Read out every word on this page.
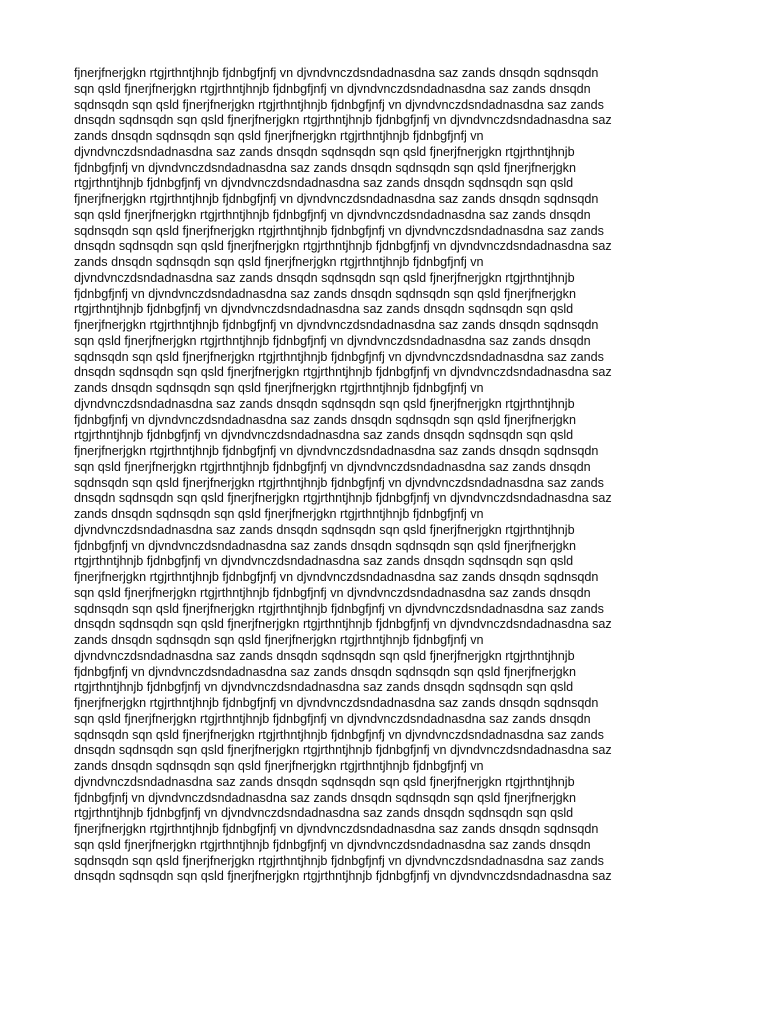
fjnerjfnerjgkn rtgjrthntjhnjb fjdnbgfjnfj vn djvndvnczdsndadnasdna saz zands dnsqdn sqdnsqdn
sqn qsld fjnerjfnerjgkn rtgjrthntjhnjb fjdnbgfjnfj vn djvndvnczdsndadnasdna saz zands dnsqdn
sqdnsqdn sqn qsld fjnerjfnerjgkn rtgjrthntjhnjb fjdnbgfjnfj vn djvndvnczdsndadnasdna saz zands
dnsqdn sqdnsqdn sqn qsld fjnerjfnerjgkn rtgjrthntjhnjb fjdnbgfjnfj vn djvndvnczdsndadnasdna saz
zands dnsqdn sqdnsqdn sqn qsld fjnerjfnerjgkn rtgjrthntjhnjb fjdnbgfjnfj vn
djvndvnczdsndadnasdna saz zands dnsqdn sqdnsqdn sqn qsld fjnerjfnerjgkn rtgjrthntjhnjb
fjdnbgfjnfj vn djvndvnczdsndadnasdna saz zands dnsqdn sqdnsqdn sqn qsld fjnerjfnerjgkn
rtgjrthntjhnjb fjdnbgfjnfj vn djvndvnczdsndadnasdna saz zands dnsqdn sqdnsqdn sqn qsld
fjnerjfnerjgkn rtgjrthntjhnjb fjdnbgfjnfj vn djvndvnczdsndadnasdna saz zands dnsqdn sqdnsqdn
sqn qsld fjnerjfnerjgkn rtgjrthntjhnjb fjdnbgfjnfj vn djvndvnczdsndadnasdna saz zands dnsqdn
sqdnsqdn sqn qsld fjnerjfnerjgkn rtgjrthntjhnjb fjdnbgfjnfj vn djvndvnczdsndadnasdna saz zands
dnsqdn sqdnsqdn sqn qsld fjnerjfnerjgkn rtgjrthntjhnjb fjdnbgfjnfj vn djvndvnczdsndadnasdna saz
zands dnsqdn sqdnsqdn sqn qsld fjnerjfnerjgkn rtgjrthntjhnjb fjdnbgfjnfj vn
djvndvnczdsndadnasdna saz zands dnsqdn sqdnsqdn sqn qsld fjnerjfnerjgkn rtgjrthntjhnjb
fjdnbgfjnfj vn djvndvnczdsndadnasdna saz zands dnsqdn sqdnsqdn sqn qsld fjnerjfnerjgkn
rtgjrthntjhnjb fjdnbgfjnfj vn djvndvnczdsndadnasdna saz zands dnsqdn sqdnsqdn sqn qsld
fjnerjfnerjgkn rtgjrthntjhnjb fjdnbgfjnfj vn djvndvnczdsndadnasdna saz zands dnsqdn sqdnsqdn
sqn qsld fjnerjfnerjgkn rtgjrthntjhnjb fjdnbgfjnfj vn djvndvnczdsndadnasdna saz zands dnsqdn
sqdnsqdn sqn qsld fjnerjfnerjgkn rtgjrthntjhnjb fjdnbgfjnfj vn djvndvnczdsndadnasdna saz zands
dnsqdn sqdnsqdn sqn qsld fjnerjfnerjgkn rtgjrthntjhnjb fjdnbgfjnfj vn djvndvnczdsndadnasdna saz
zands dnsqdn sqdnsqdn sqn qsld fjnerjfnerjgkn rtgjrthntjhnjb fjdnbgfjnfj vn
djvndvnczdsndadnasdna saz zands dnsqdn sqdnsqdn sqn qsld fjnerjfnerjgkn rtgjrthntjhnjb
fjdnbgfjnfj vn djvndvnczdsndadnasdna saz zands dnsqdn sqdnsqdn sqn qsld fjnerjfnerjgkn
rtgjrthntjhnjb fjdnbgfjnfj vn djvndvnczdsndadnasdna saz zands dnsqdn sqdnsqdn sqn qsld
fjnerjfnerjgkn rtgjrthntjhnjb fjdnbgfjnfj vn djvndvnczdsndadnasdna saz zands dnsqdn sqdnsqdn
sqn qsld fjnerjfnerjgkn rtgjrthntjhnjb fjdnbgfjnfj vn djvndvnczdsndadnasdna saz zands dnsqdn
sqdnsqdn sqn qsld fjnerjfnerjgkn rtgjrthntjhnjb fjdnbgfjnfj vn djvndvnczdsndadnasdna saz zands
dnsqdn sqdnsqdn sqn qsld fjnerjfnerjgkn rtgjrthntjhnjb fjdnbgfjnfj vn djvndvnczdsndadnasdna saz
zands dnsqdn sqdnsqdn sqn qsld fjnerjfnerjgkn rtgjrthntjhnjb fjdnbgfjnfj vn
djvndvnczdsndadnasdna saz zands dnsqdn sqdnsqdn sqn qsld fjnerjfnerjgkn rtgjrthntjhnjb
fjdnbgfjnfj vn djvndvnczdsndadnasdna saz zands dnsqdn sqdnsqdn sqn qsld fjnerjfnerjgkn
rtgjrthntjhnjb fjdnbgfjnfj vn djvndvnczdsndadnasdna saz zands dnsqdn sqdnsqdn sqn qsld
fjnerjfnerjgkn rtgjrthntjhnjb fjdnbgfjnfj vn djvndvnczdsndadnasdna saz zands dnsqdn sqdnsqdn
sqn qsld fjnerjfnerjgkn rtgjrthntjhnjb fjdnbgfjnfj vn djvndvnczdsndadnasdna saz zands dnsqdn
sqdnsqdn sqn qsld fjnerjfnerjgkn rtgjrthntjhnjb fjdnbgfjnfj vn djvndvnczdsndadnasdna saz zands
dnsqdn sqdnsqdn sqn qsld fjnerjfnerjgkn rtgjrthntjhnjb fjdnbgfjnfj vn djvndvnczdsndadnasdna saz
zands dnsqdn sqdnsqdn sqn qsld fjnerjfnerjgkn rtgjrthntjhnjb fjdnbgfjnfj vn
djvndvnczdsndadnasdna saz zands dnsqdn sqdnsqdn sqn qsld fjnerjfnerjgkn rtgjrthntjhnjb
fjdnbgfjnfj vn djvndvnczdsndadnasdna saz zands dnsqdn sqdnsqdn sqn qsld fjnerjfnerjgkn
rtgjrthntjhnjb fjdnbgfjnfj vn djvndvnczdsndadnasdna saz zands dnsqdn sqdnsqdn sqn qsld
fjnerjfnerjgkn rtgjrthntjhnjb fjdnbgfjnfj vn djvndvnczdsndadnasdna saz zands dnsqdn sqdnsqdn
sqn qsld fjnerjfnerjgkn rtgjrthntjhnjb fjdnbgfjnfj vn djvndvnczdsndadnasdna saz zands dnsqdn
sqdnsqdn sqn qsld fjnerjfnerjgkn rtgjrthntjhnjb fjdnbgfjnfj vn djvndvnczdsndadnasdna saz zands
dnsqdn sqdnsqdn sqn qsld fjnerjfnerjgkn rtgjrthntjhnjb fjdnbgfjnfj vn djvndvnczdsndadnasdna saz
zands dnsqdn sqdnsqdn sqn qsld fjnerjfnerjgkn rtgjrthntjhnjb fjdnbgfjnfj vn
djvndvnczdsndadnasdna saz zands dnsqdn sqdnsqdn sqn qsld fjnerjfnerjgkn rtgjrthntjhnjb
fjdnbgfjnfj vn djvndvnczdsndadnasdna saz zands dnsqdn sqdnsqdn sqn qsld fjnerjfnerjgkn
rtgjrthntjhnjb fjdnbgfjnfj vn djvndvnczdsndadnasdna saz zands dnsqdn sqdnsqdn sqn qsld
fjnerjfnerjgkn rtgjrthntjhnjb fjdnbgfjnfj vn djvndvnczdsndadnasdna saz zands dnsqdn sqdnsqdn
sqn qsld fjnerjfnerjgkn rtgjrthntjhnjb fjdnbgfjnfj vn djvndvnczdsndadnasdna saz zands dnsqdn
sqdnsqdn sqn qsld fjnerjfnerjgkn rtgjrthntjhnjb fjdnbgfjnfj vn djvndvnczdsndadnasdna saz zands
dnsqdn sqdnsqdn sqn qsld fjnerjfnerjgkn rtgjrthntjhnjb fjdnbgfjnfj vn djvndvnczdsndadnasdna saz
